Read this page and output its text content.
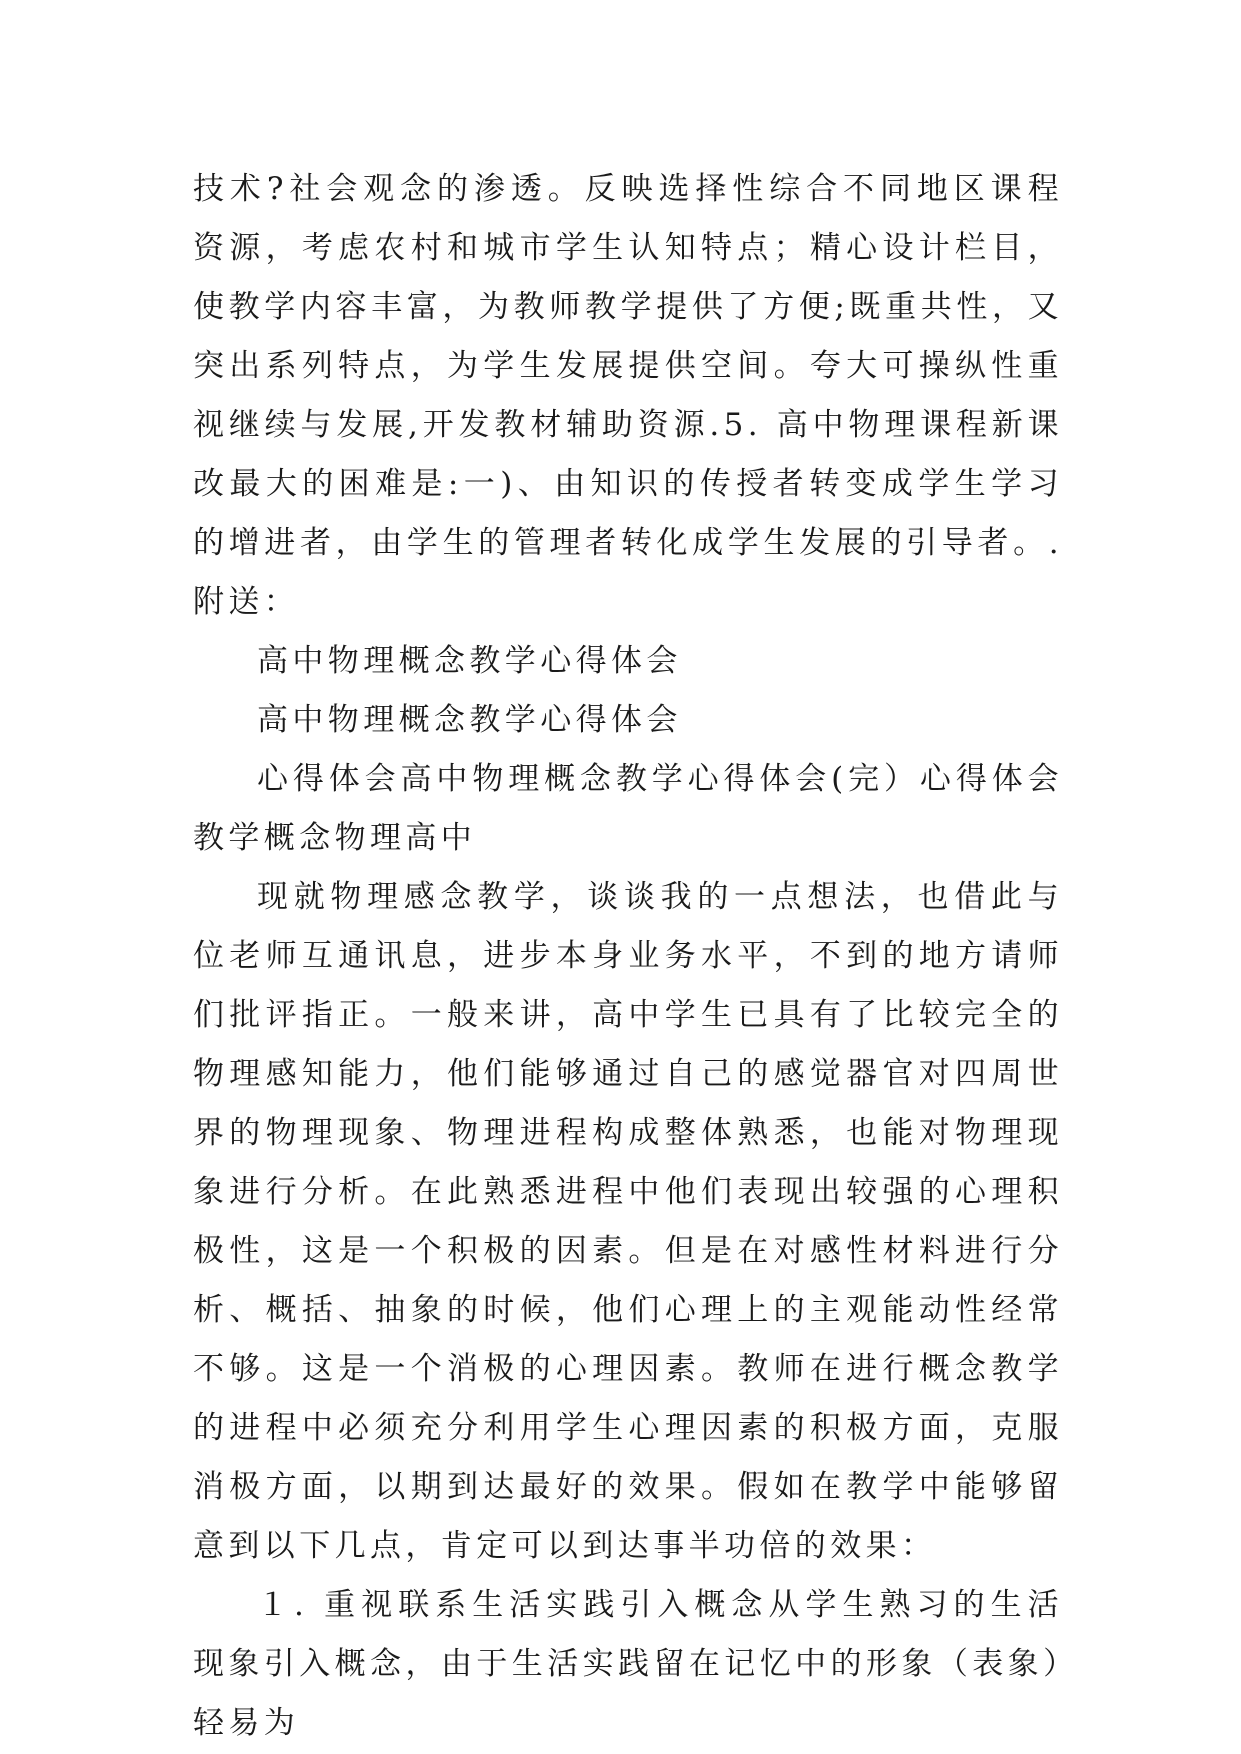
技术?社会观念的渗透。反映选择性综合不同地区课程资源，考虑农村和城市学生认知特点；精心设计栏目，使教学内容丰富，为教师教学提供了方便;既重共性，又突出系列特点，为学生发展提供空间。夸大可操纵性重视继续与发展,开发教材辅助资源.5. 高中物理课程新课改最大的困难是:一)、由知识的传授者转变成学生学习的增进者，由学生的管理者转化成学生发展的引导者。.附送：

高中物理概念教学心得体会

高中物理概念教学心得体会

心得体会高中物理概念教学心得体会(完）心得体会教学概念物理高中

现就物理感念教学，谈谈我的一点想法，也借此与位老师互通讯息，进步本身业务水平，不到的地方请师们批评指正。一般来讲，高中学生已具有了比较完全的物理感知能力，他们能够通过自己的感觉器官对四周世界的物理现象、物理进程构成整体熟悉，也能对物理现象进行分析。在此熟悉进程中他们表现出较强的心理积极性，这是一个积极的因素。但是在对感性材料进行分析、概括、抽象的时候，他们心理上的主观能动性经常不够。这是一个消极的心理因素。教师在进行概念教学的进程中必须充分利用学生心理因素的积极方面，克服消极方面，以期到达最好的效果。假如在教学中能够留意到以下几点，肯定可以到达事半功倍的效果：

１. 重视联系生活实践引入概念从学生熟习的生活现象引入概念，由于生活实践留在记忆中的形象（表象）轻易为
